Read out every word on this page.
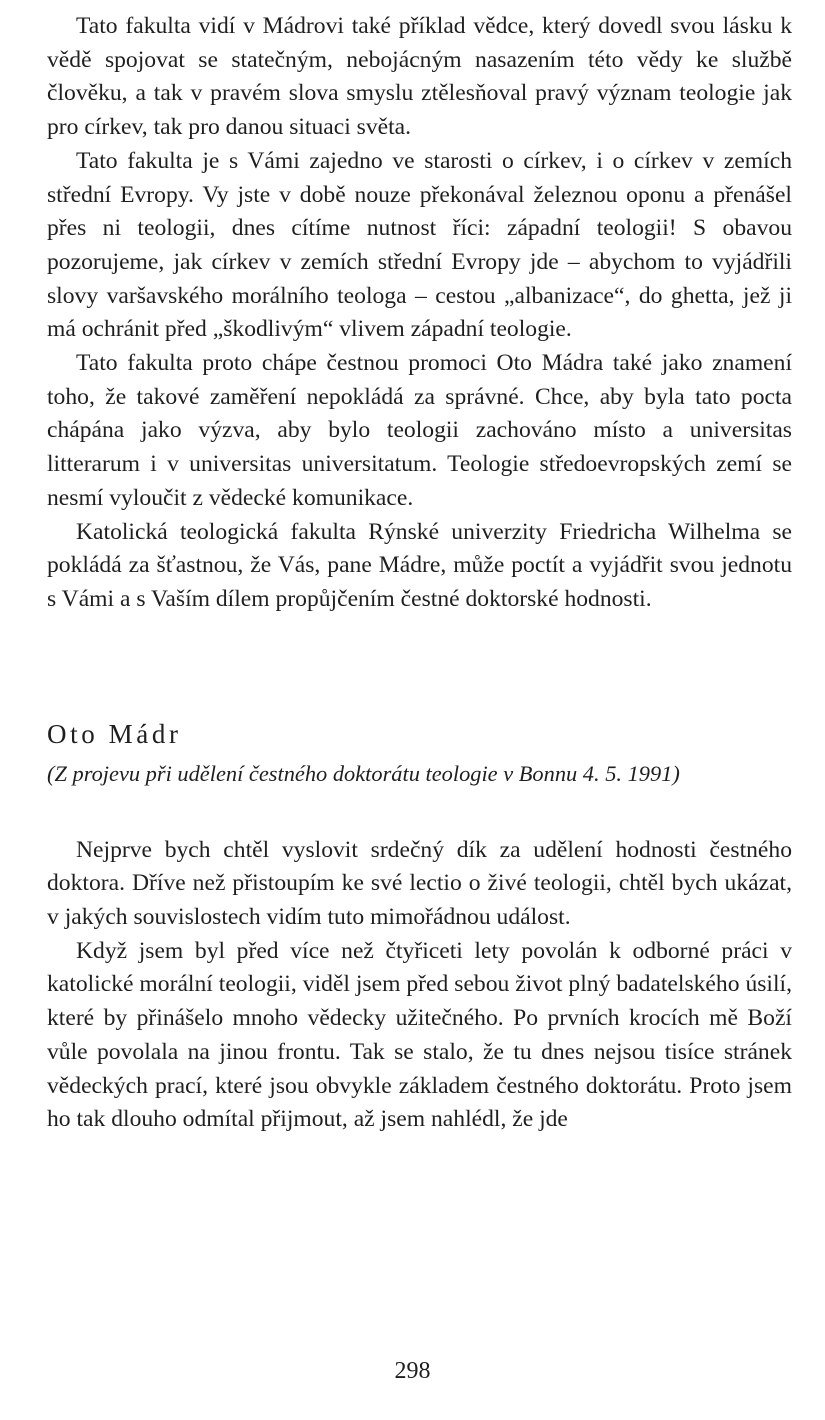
Tato fakulta vidí v Mádrovi také příklad vědce, který dovedl svou lásku k vědě spojovat se statečným, nebojácným nasazením této vědy ke službě člověku, a tak v pravém slova smyslu ztělesňoval pravý význam teologie jak pro církev, tak pro danou situaci světa.

Tato fakulta je s Vámi zajedno ve starosti o církev, i o církev v zemích střední Evropy. Vy jste v době nouze překonával železnou oponu a přenášel přes ni teologii, dnes cítíme nutnost říci: západní teologii! S obavou pozorujeme, jak církev v zemích střední Evropy jde – abychom to vyjádřili slovy varšavského morálního teologa – cestou „albanizace“, do ghetta, jež ji má ochránit před „škodlivým“ vlivem západní teologie.

Tato fakulta proto chápe čestnou promoci Oto Mádra také jako znamení toho, že takové zaměření nepokládá za správné. Chce, aby byla tato pocta chápána jako výzva, aby bylo teologii zachováno místo a universitas litterarum i v universitas universitatum. Teologie středoevropských zemí se nesmí vyloučit z vědecké komunikace.

Katolická teologická fakulta Rýnské univerzity Friedricha Wilhelma se pokládá za šťastnou, že Vás, pane Mádre, může poctít a vyjádřit svou jednotu s Vámi a s Vaším dílem propůjčením čestné doktorské hodnosti.

Oto Mádr

(Z projevu při udělení čestného doktorátu teologie v Bonnu 4. 5. 1991)

Nejprve bych chtěl vyslovit srdečný dík za udělení hodnosti čestného doktora. Dříve než přistoupím ke své lectio o živé teologii, chtěl bych ukázat, v jakých souvislostech vidím tuto mimořádnou událost.

Když jsem byl před více než čtyřiceti lety povolán k odborné práci v katolické morální teologii, viděl jsem před sebou život plný badatelského úsilí, které by přinášelo mnoho vědecky užitečného. Po prvních krocích mě Boží vůle povolala na jinou frontu. Tak se stalo, že tu dnes nejsou tisíce stránek vědeckých prací, které jsou obvykle základem čestného doktorátu. Proto jsem ho tak dlouho odmítal přijmout, až jsem nahlédl, že jde

298
